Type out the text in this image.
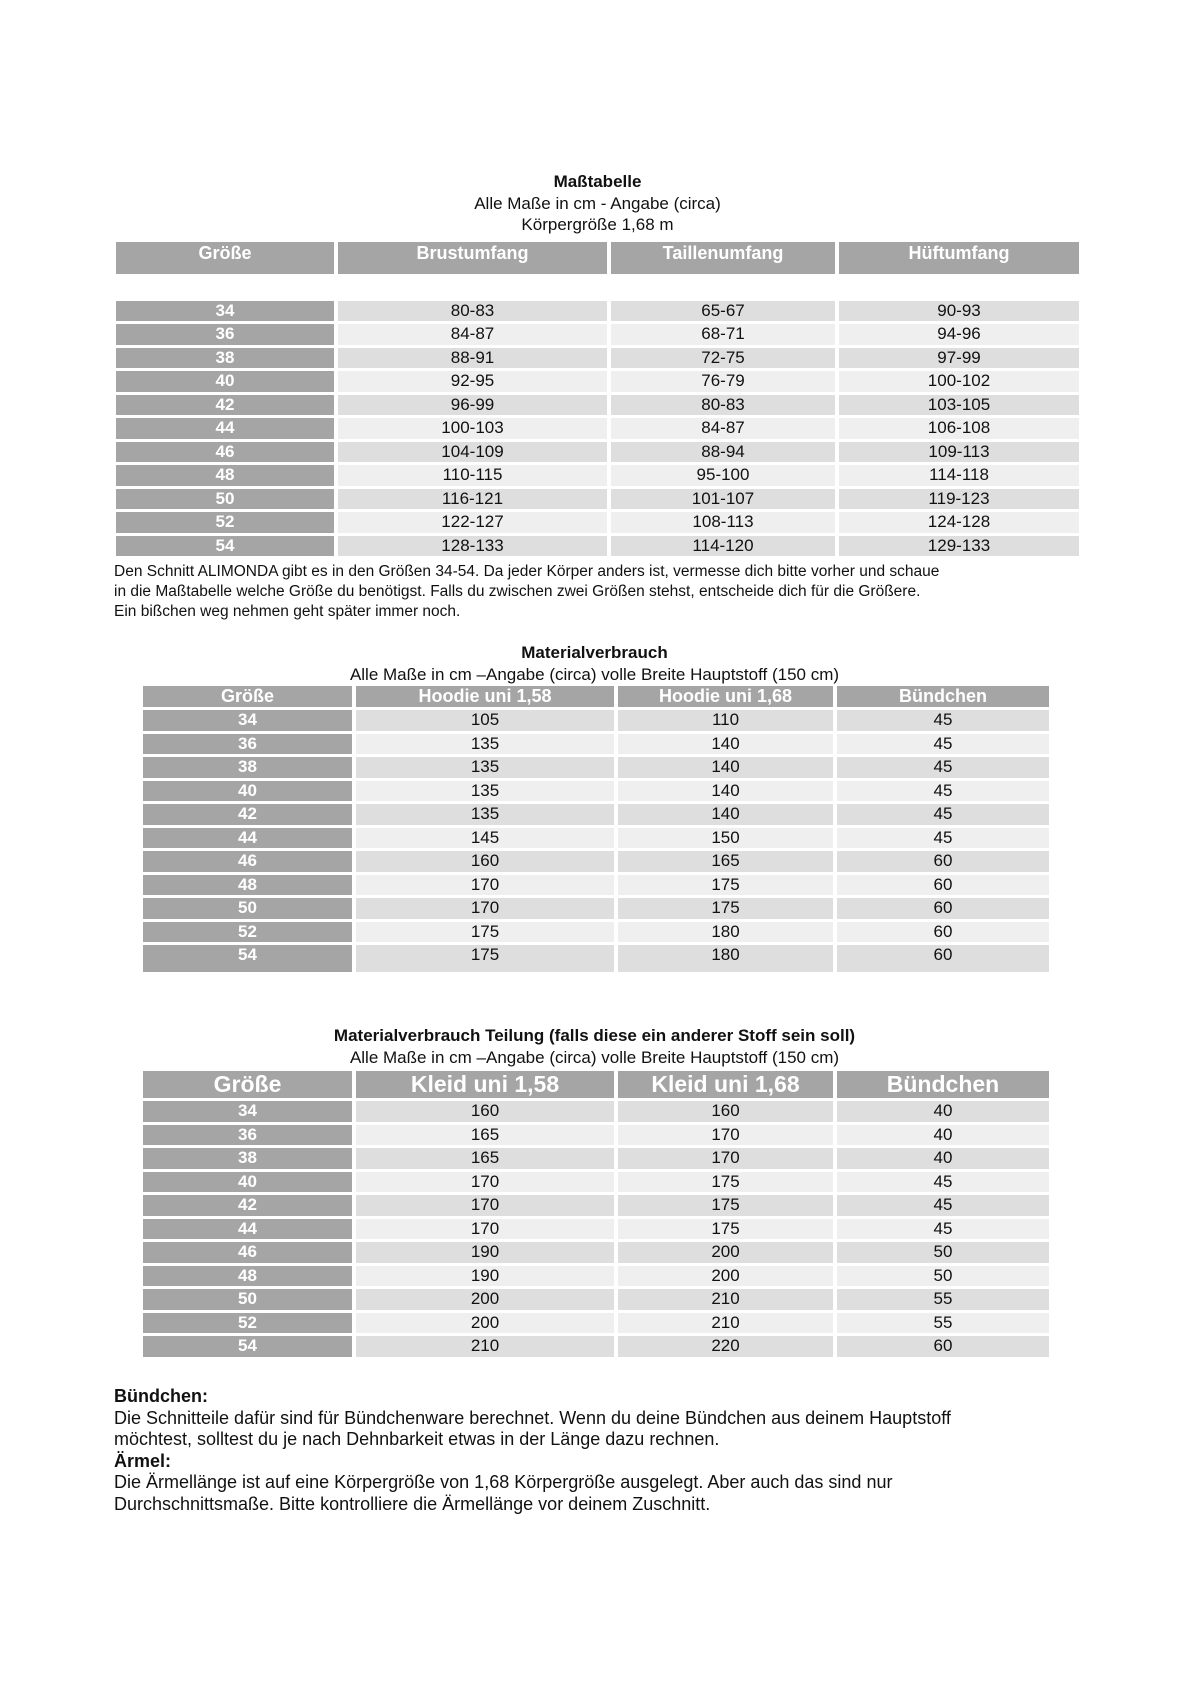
Maßtabelle
Alle Maße in cm - Angabe (circa)
Körpergröße 1,68 m
Größe	Brustumfang	Taillenumfang	Hüftumfang

34	80-83	65-67	90-93
36	84-87	68-71	94-96
38	88-91	72-75	97-99
40	92-95	76-79	100-102
42	96-99	80-83	103-105
44	100-103	84-87	106-108
46	104-109	88-94	109-113
48	110-115	95-100	114-118
50	116-121	101-107	119-123
52	122-127	108-113	124-128
54	128-133	114-120	129-133
Den Schnitt ALIMONDA gibt es in den Größen 34-54. Da jeder Körper anders ist, vermesse dich bitte vorher und schaue
in die Maßtabelle welche Größe du benötigst. Falls du zwischen zwei Größen stehst, entscheide dich für die Größere.
Ein bißchen weg nehmen geht später immer noch.
Materialverbrauch
Alle Maße in cm –Angabe (circa) volle Breite Hauptstoff (150 cm)
Größe	Hoodie uni 1,58	Hoodie uni 1,68	Bündchen
34	105	110	45
36	135	140	45
38	135	140	45
40	135	140	45
42	135	140	45
44	145	150	45
46	160	165	60
48	170	175	60
50	170	175	60
52	175	180	60
54	175	180	60
Materialverbrauch Teilung (falls diese ein anderer Stoff sein soll)
Alle Maße in cm –Angabe (circa) volle Breite Hauptstoff (150 cm)
Größe	Kleid uni 1,58	Kleid uni 1,68	Bündchen
34	160	160	40
36	165	170	40
38	165	170	40
40	170	175	45
42	170	175	45
44	170	175	45
46	190	200	50
48	190	200	50
50	200	210	55
52	200	210	55
54	210	220	60
Bündchen:
Die Schnitteile dafür sind für Bündchenware berechnet. Wenn du deine Bündchen aus deinem Hauptstoff
möchtest, solltest du je nach Dehnbarkeit etwas in der Länge dazu rechnen.
Ärmel:
Die Ärmellänge ist auf eine Körpergröße von 1,68 Körpergröße ausgelegt. Aber auch das sind nur
Durchschnittsmaße. Bitte kontrolliere die Ärmellänge vor deinem Zuschnitt.
